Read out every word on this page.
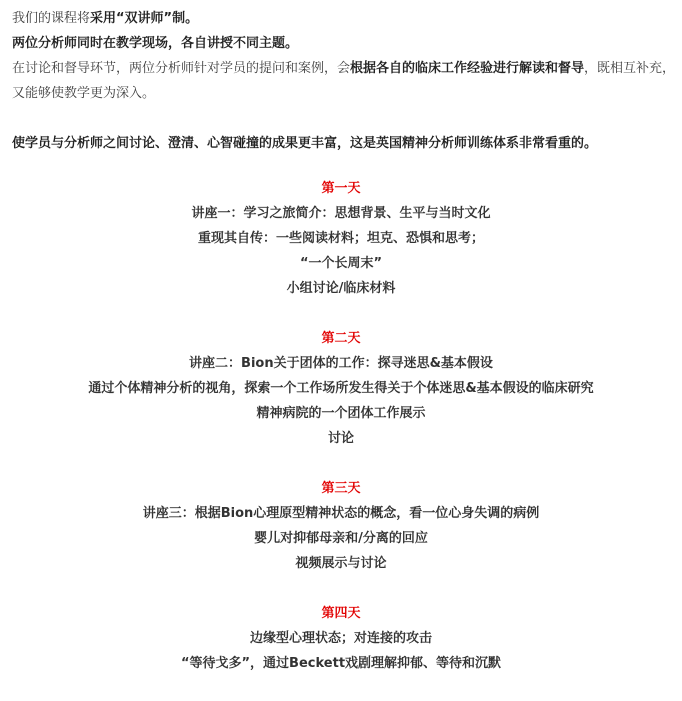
我们的课程将采用“双讲师”制。
两位分析师同时在教学现场，各自讲授不同主题。
在讨论和督导环节，两位分析师针对学员的提问和案例，会根据各自的临床工作经验进行解读和督导，既相互补充，又能够使教学更为深入。
使学员与分析师之间讨论、澄清、心智碰撞的成果更丰富，这是英国精神分析师训练体系非常看重的。
第一天
讲座一：学习之旅简介：思想背景、生平与当时文化
重现其自传：一些阅读材料；坦克、恐惧和思考；
“一个长周末”
小组讨论/临床材料
第二天
讲座二：Bion关于团体的工作：探寻迷思&基本假设
通过个体精神分析的视角，探索一个工作场所发生得关于个体迷思&基本假设的临床研究
精神病院的一个团体工作展示
讨论
第三天
讲座三：根据Bion心理原型精神状态的概念，看一位心身失调的病例
婴儿对抑郁母亲和/分离的回应
视频展示与讨论
第四天
边缘型心理状态；对连接的攻击
“等待戈多”，通过Beckett戏剧理解抑郁、等待和沉默
